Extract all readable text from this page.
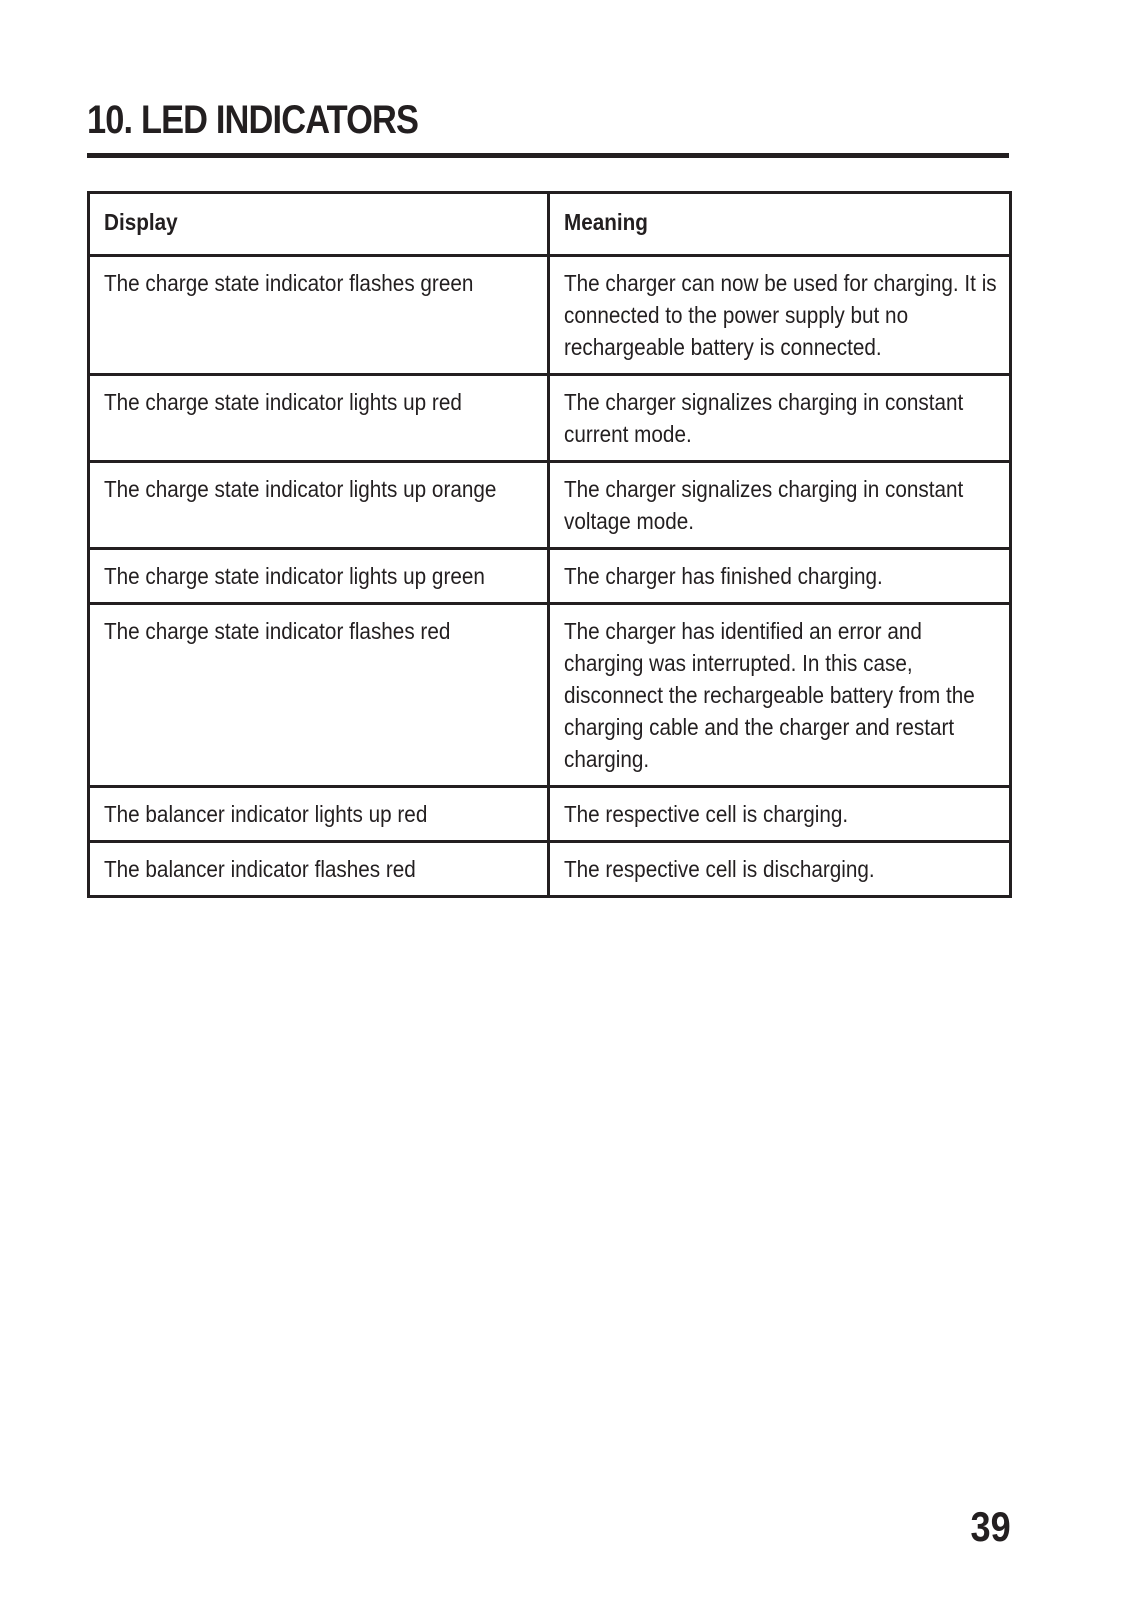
10. LED INDICATORS
Display	Meaning

The charge state indicator flashes green	The charger can now be used for charging. It is connected to the power supply but no rechargeable battery is connected.

The charge state indicator lights up red	The charger signalizes charging in constant current mode.

The charge state indicator lights up orange	The charger signalizes charging in constant voltage mode.

The charge state indicator lights up green	The charger has finished charging.

The charge state indicator flashes red	The charger has identified an error and charging was interrupted. In this case, disconnect the rechargeable battery from the charging cable and the charger and restart charging.

The balancer indicator lights up red	The respective cell is charging.

The balancer indicator flashes red	The respective cell is discharging.
39
